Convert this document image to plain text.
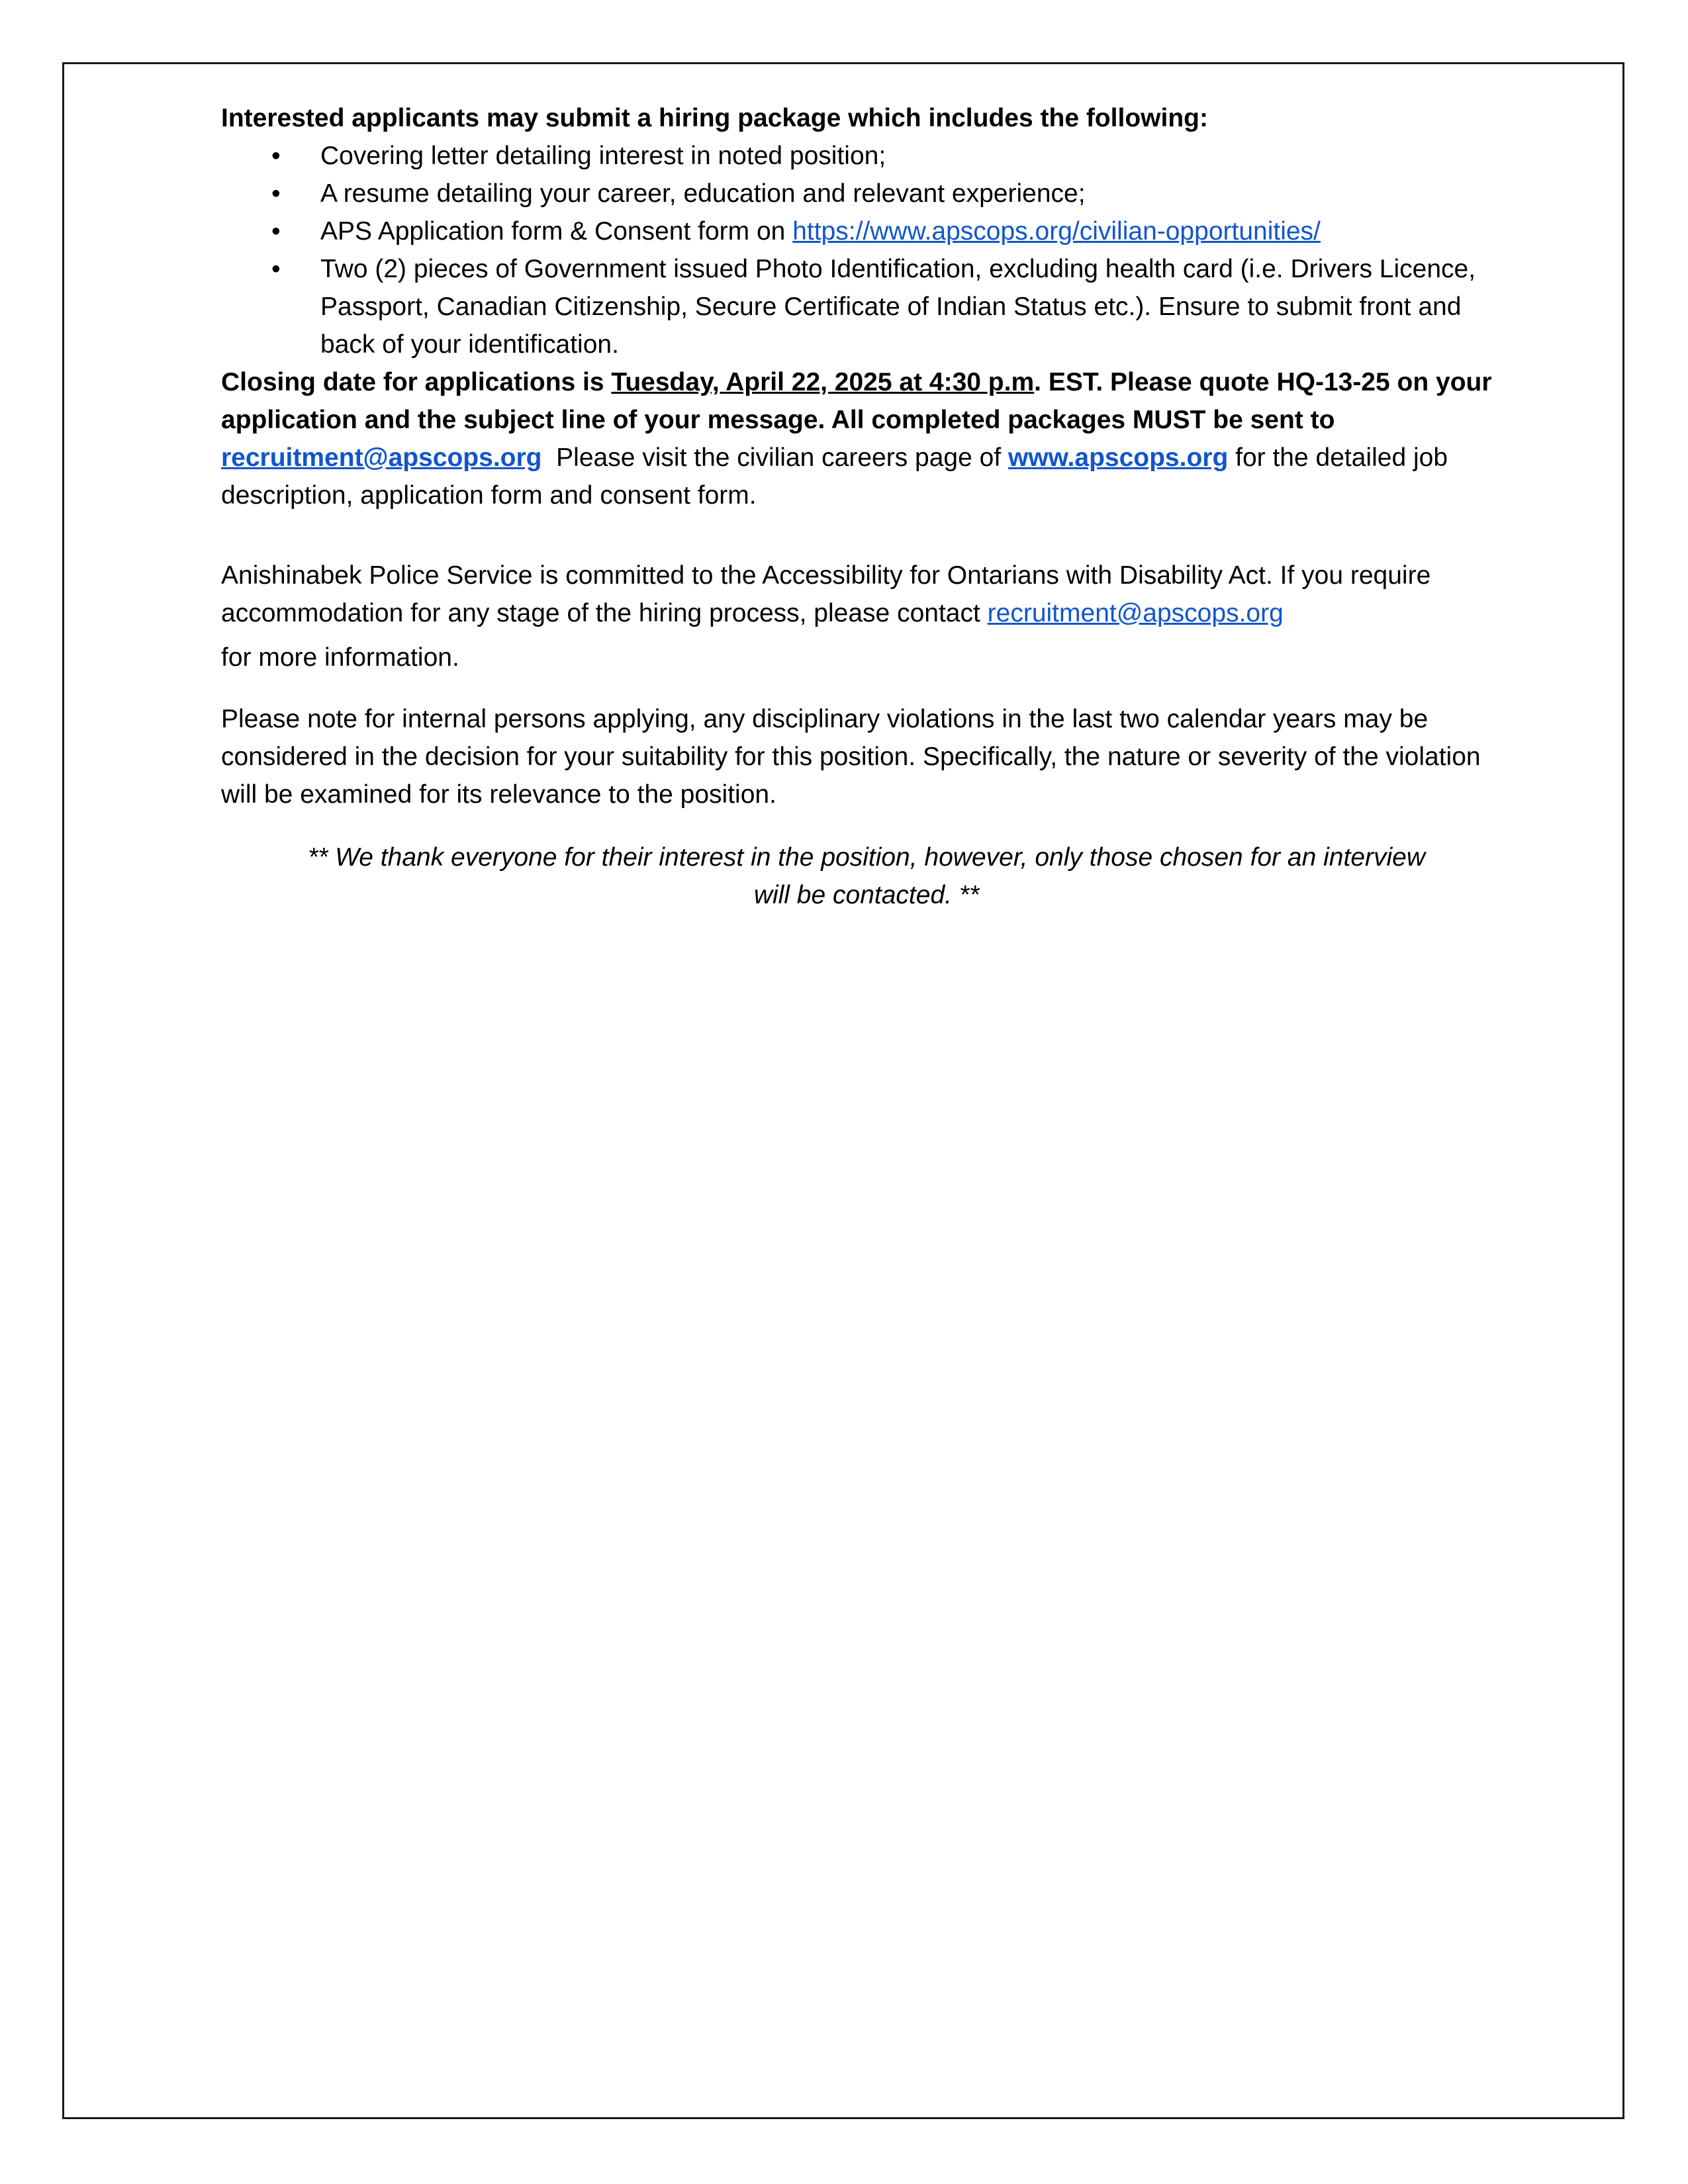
Interested applicants may submit a hiring package which includes the following:

• Covering letter detailing interest in noted position;
• A resume detailing your career, education and relevant experience;
• APS Application form & Consent form on https://www.apscops.org/civilian-opportunities/
• Two (2) pieces of Government issued Photo Identification, excluding health card (i.e. Drivers Licence, Passport, Canadian Citizenship, Secure Certificate of Indian Status etc.). Ensure to submit front and back of your identification.

Closing date for applications is Tuesday, April 22, 2025 at 4:30 p.m. EST. Please quote HQ-13-25 on your application and the subject line of your message. All completed packages MUST be sent to recruitment@apscops.org  Please visit the civilian careers page of www.apscops.org for the detailed job description, application form and consent form.

Anishinabek Police Service is committed to the Accessibility for Ontarians with Disability Act. If you require accommodation for any stage of the hiring process, please contact recruitment@apscops.org
for more information.

Please note for internal persons applying, any disciplinary violations in the last two calendar years may be considered in the decision for your suitability for this position. Specifically, the nature or severity of the violation will be examined for its relevance to the position.

** We thank everyone for their interest in the position, however, only those chosen for an interview
will be contacted. **
